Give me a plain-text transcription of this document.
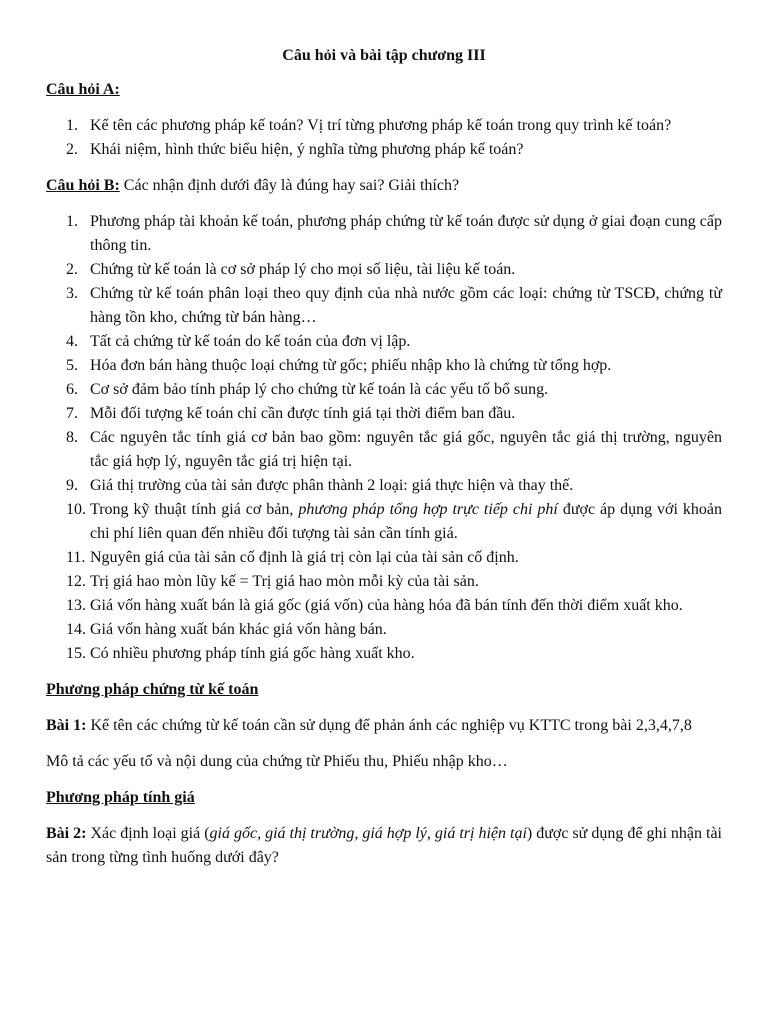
Câu hỏi và bài tập chương III
Câu hỏi A:
1. Kể tên các phương pháp kế toán? Vị trí từng phương pháp kế toán trong quy trình kế toán?
2. Khái niệm, hình thức biểu hiện, ý nghĩa từng phương pháp kế toán?
Câu hỏi B: Các nhận định dưới đây là đúng hay sai? Giải thích?
1. Phương pháp tài khoản kế toán, phương pháp chứng từ kế toán được sử dụng ở giai đoạn cung cấp thông tin.
2. Chứng từ kế toán là cơ sở pháp lý cho mọi số liệu, tài liệu kế toán.
3. Chứng từ kế toán phân loại theo quy định của nhà nước gồm các loại: chứng từ TSCĐ, chứng từ hàng tồn kho, chứng từ bán hàng…
4. Tất cả chứng từ kế toán do kế toán của đơn vị lập.
5. Hóa đơn bán hàng thuộc loại chứng từ gốc; phiếu nhập kho là chứng từ tổng hợp.
6. Cơ sở đảm bảo tính pháp lý cho chứng từ kế toán là các yếu tố bổ sung.
7. Mỗi đối tượng kế toán chỉ cần được tính giá tại thời điểm ban đầu.
8. Các nguyên tắc tính giá cơ bản bao gồm: nguyên tắc giá gốc, nguyên tắc giá thị trường, nguyên tắc giá hợp lý, nguyên tắc giá trị hiện tại.
9. Giá thị trường của tài sản được phân thành 2 loại: giá thực hiện và thay thế.
10. Trong kỹ thuật tính giá cơ bản, phương pháp tổng hợp trực tiếp chi phí được áp dụng với khoản chi phí liên quan đến nhiều đối tượng tài sản cần tính giá.
11. Nguyên giá của tài sản cố định là giá trị còn lại của tài sản cố định.
12. Trị giá hao mòn lũy kế = Trị giá hao mòn mỗi kỳ của tài sản.
13. Giá vốn hàng xuất bán là giá gốc (giá vốn) của hàng hóa đã bán tính đến thời điểm xuất kho.
14. Giá vốn hàng xuất bán khác giá vốn hàng bán.
15. Có nhiều phương pháp tính giá gốc hàng xuất kho.
Phương pháp chứng từ kế toán
Bài 1: Kể tên các chứng từ kế toán cần sử dụng để phản ánh các nghiệp vụ KTTC trong bài 2,3,4,7,8
Mô tả các yếu tố và nội dung của chứng từ Phiếu thu, Phiếu nhập kho…
Phương pháp tính giá
Bài 2: Xác định loại giá (giá gốc, giá thị trường, giá hợp lý, giá trị hiện tại) được sử dụng để ghi nhận tài sản trong từng tình huống dưới đây?
